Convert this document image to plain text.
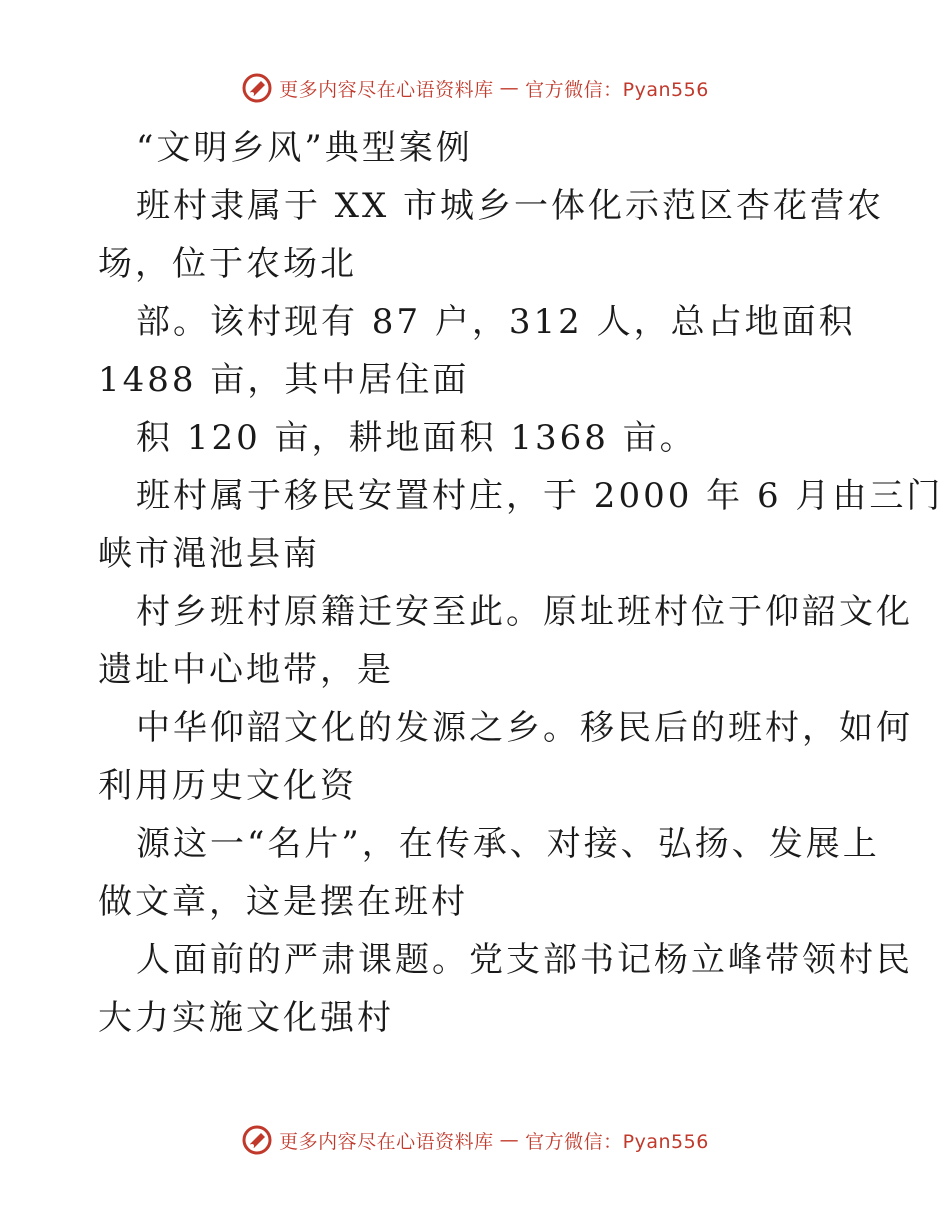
更多内容尽在心语资料库 — 官方微信：Pyan556
“文明乡风”典型案例
班村隶属于 XX 市城乡一体化示范区杏花营农
场，位于农场北
部。该村现有 87 户，312 人，总占地面积
1488 亩，其中居住面
积 120 亩，耕地面积 1368 亩。
班村属于移民安置村庄，于 2000 年 6 月由三门
峡市渑池县南
村乡班村原籍迁安至此。原址班村位于仰韶文化
遗址中心地带，是
中华仰韶文化的发源之乡。移民后的班村，如何
利用历史文化资
源这一“名片”，在传承、对接、弘扬、发展上
做文章，这是摆在班村
人面前的严肃课题。党支部书记杨立峰带领村民
大力实施文化强村
更多内容尽在心语资料库 — 官方微信：Pyan556
